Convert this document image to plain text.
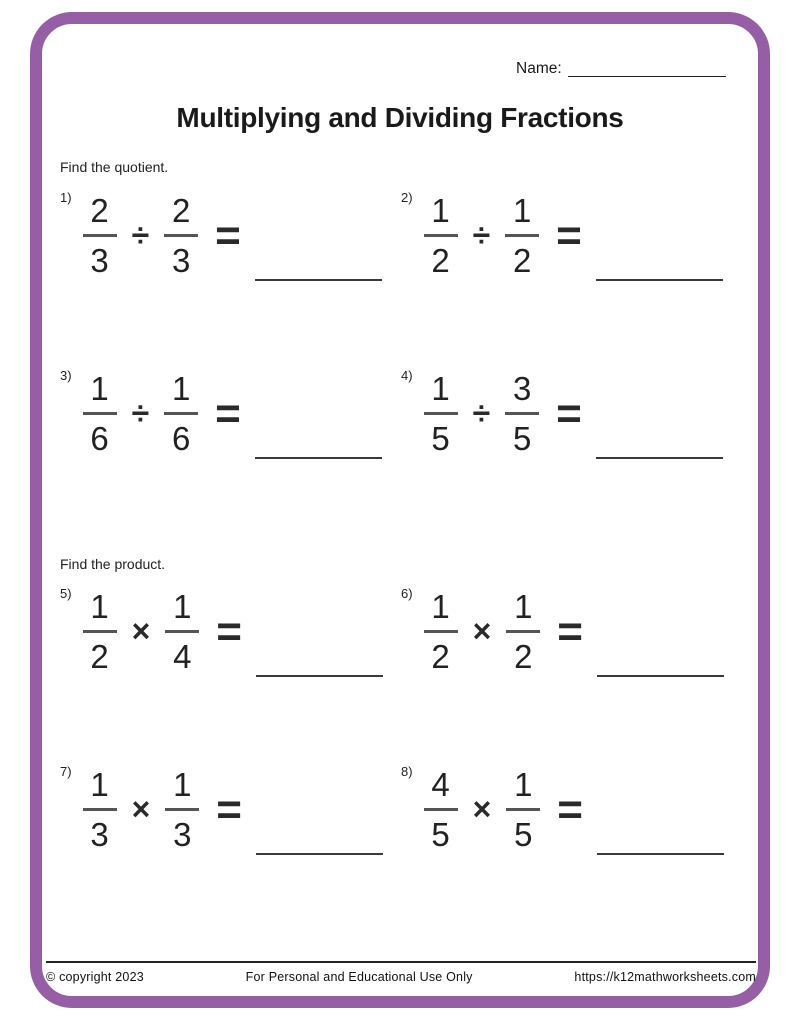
Name:
Multiplying and Dividing Fractions
Find the quotient.
$1) \frac{2}{3} \div \frac{2}{3}$ =
$2) \frac{1}{2} \div \frac{1}{2}$ =
$3) \frac{1}{6} \div \frac{1}{6}$ =
$4) \frac{1}{5} \div \frac{3}{5}$ =
Find the product.
$5) \frac{1}{2} \times \frac{1}{4}$ =
$6) \frac{1}{2} \times \frac{1}{2}$ =
$7) \frac{1}{3} \times \frac{1}{3}$ =
$8) \frac{4}{5} \times \frac{1}{5}$ =
© copyright 2023	For Personal and Educational Use Only	https://k12mathworksheets.com
